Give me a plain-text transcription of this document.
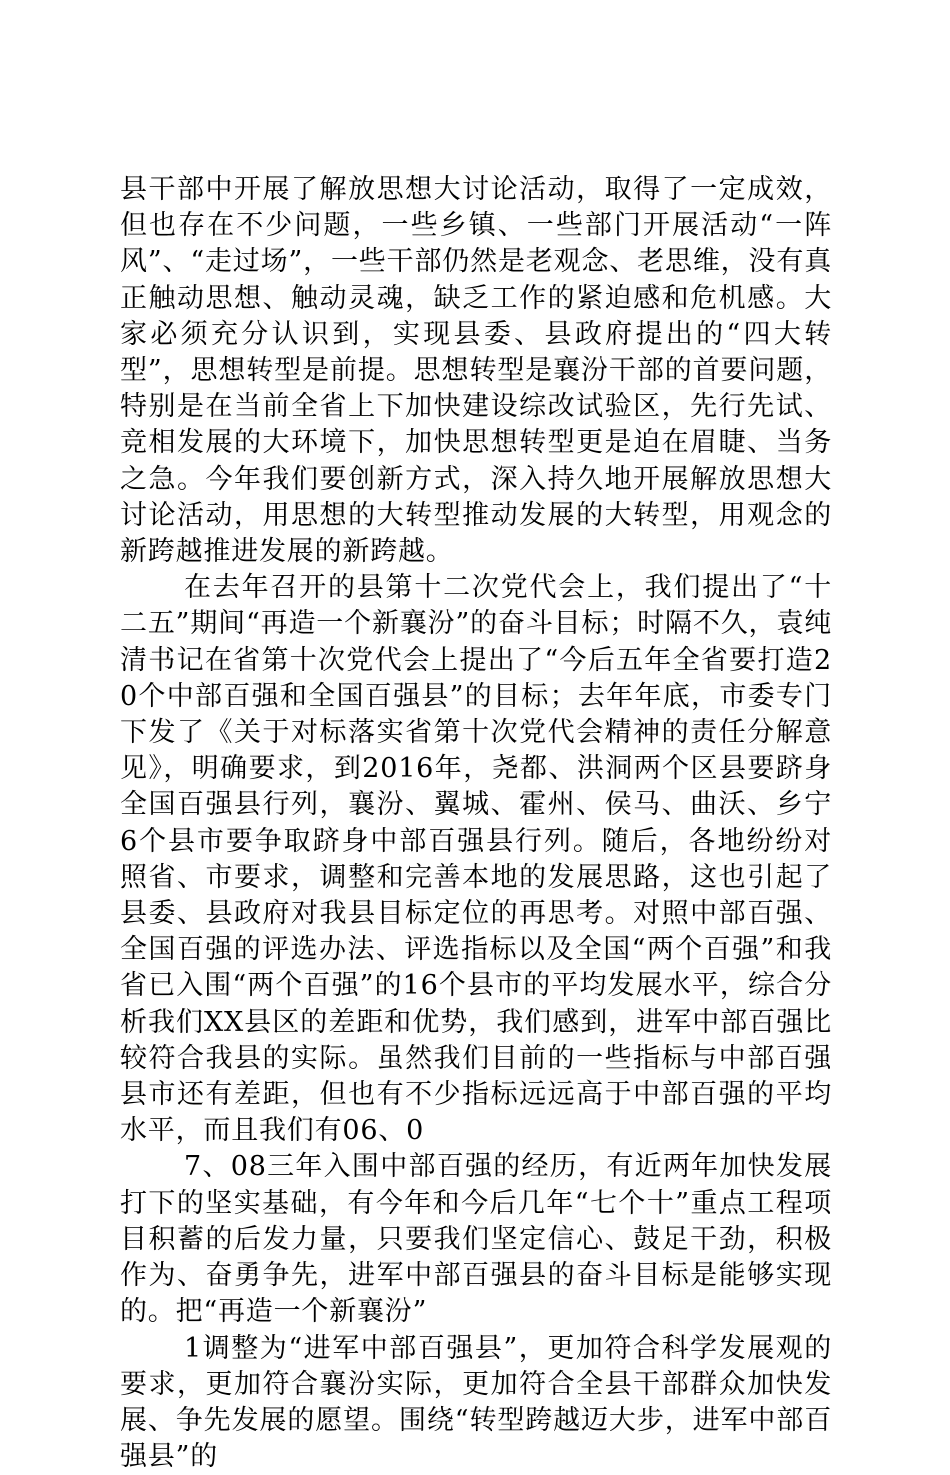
县干部中开展了解放思想大讨论活动，取得了一定成效，但也存在不少问题，一些乡镇、一些部门开展活动“一阵风”、“走过场”，一些干部仍然是老观念、老思维，没有真正触动思想、触动灵魂，缺乏工作的紧迫感和危机感。大家必须充分认识到，实现县委、县政府提出的“四大转型”，思想转型是前提。思想转型是襄汾干部的首要问题，特别是在当前全省上下加快建设综改试验区，先行先试、竞相发展的大环境下，加快思想转型更是迫在眉睫、当务之急。今年我们要创新方式，深入持久地开展解放思想大讨论活动，用思想的大转型推动发展的大转型，用观念的新跨越推进发展的新跨越。

在去年召开的县第十二次党代会上，我们提出了“十二五”期间“再造一个新襄汾”的奋斗目标；时隔不久，袁纯清书记在省第十次党代会上提出了“今后五年全省要打造20个中部百强和全国百强县”的目标；去年年底，市委专门下发了《关于对标落实省第十次党代会精神的责任分解意见》，明确要求，到2016年，尧都、洪洞两个区县要跻身全国百强县行列，襄汾、翼城、霍州、侯马、曲沃、乡宁6个县市要争取跻身中部百强县行列。随后，各地纷纷对照省、市要求，调整和完善本地的发展思路，这也引起了县委、县政府对我县目标定位的再思考。对照中部百强、全国百强的评选办法、评选指标以及全国“两个百强”和我省已入围“两个百强”的16个县市的平均发展水平，综合分析我们XX县区的差距和优势，我们感到，进军中部百强比较符合我县的实际。虽然我们目前的一些指标与中部百强县市还有差距，但也有不少指标远远高于中部百强的平均水平，而且我们有06、0

7、08三年入围中部百强的经历，有近两年加快发展打下的坚实基础，有今年和今后几年“七个十”重点工程项目积蓄的后发力量，只要我们坚定信心、鼓足干劲，积极作为、奋勇争先，进军中部百强县的奋斗目标是能够实现的。把“再造一个新襄汾”

1调整为“进军中部百强县”，更加符合科学发展观的要求，更加符合襄汾实际，更加符合全县干部群众加快发展、争先发展的愿望。围绕“转型跨越迈大步，进军中部百强县”的
